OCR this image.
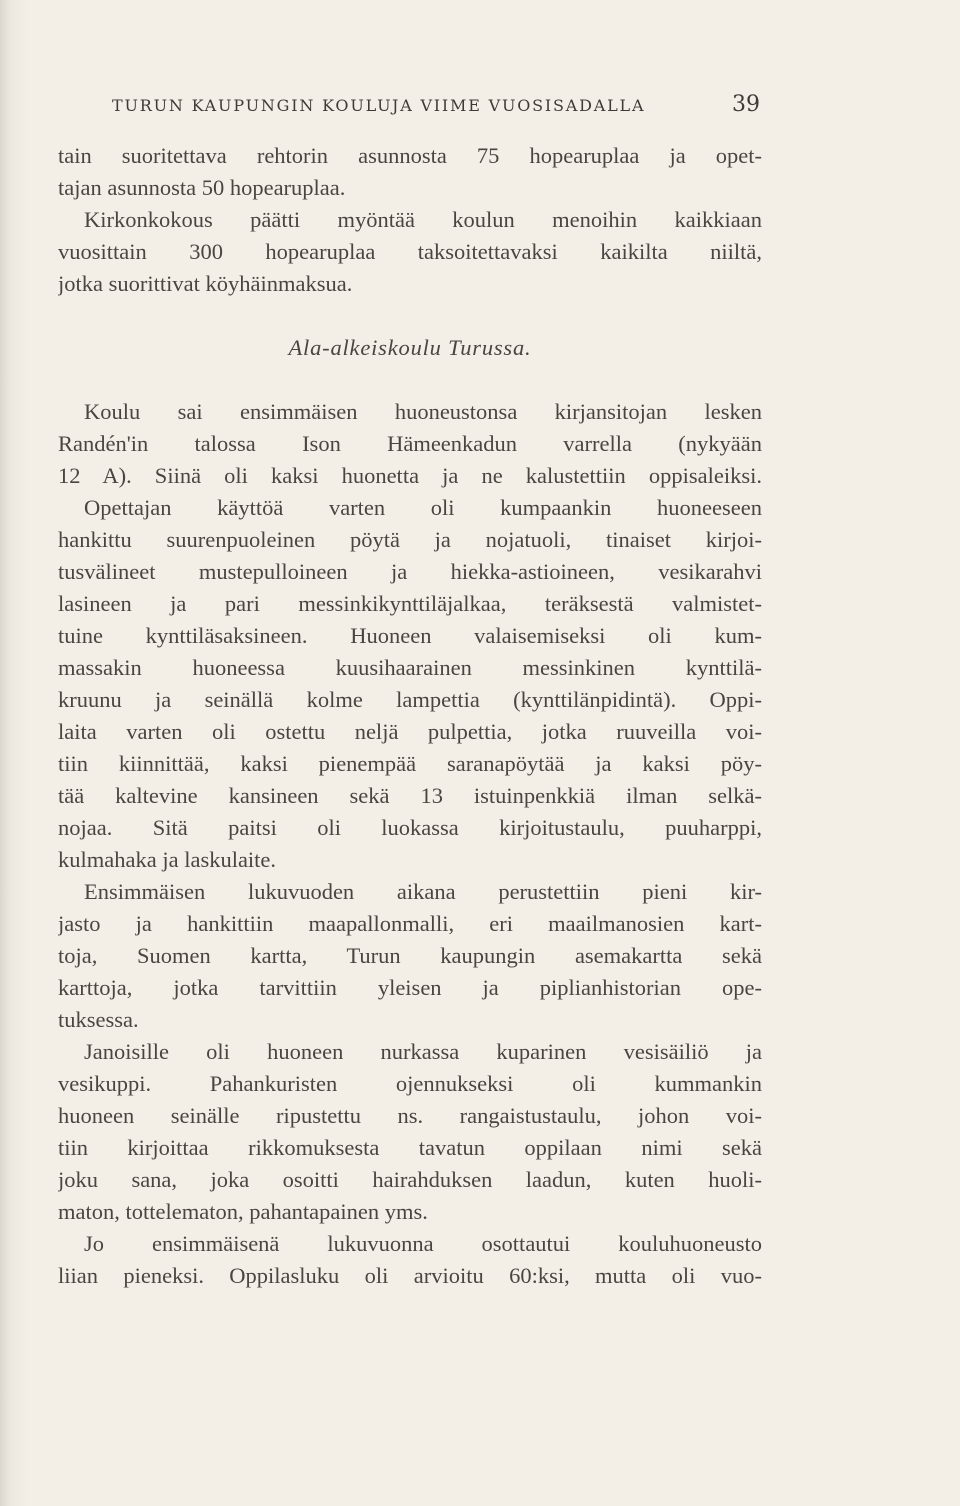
TURUN KAUPUNGIN KOULUJA VIIME VUOSISADALLA	39
tain suoritettava rehtorin asunnosta 75 hopearuplaa ja opet-
tajan asunnosta 50 hopearuplaa.
Kirkonkokous päätti myöntää koulun menoihin kaikkiaan
vuosittain 300 hopearuplaa taksoitettavaksi kaikilta niiltä,
jotka suorittivat köyhäinmaksua.
Ala-alkeiskoulu Turussa.
Koulu sai ensimmäisen huoneustonsa kirjansitojan lesken
Randén'in talossa Ison Hämeenkadun varrella (nykyään
12 A). Siinä oli kaksi huonetta ja ne kalustettiin oppisaleiksi.
Opettajan käyttöä varten oli kumpaankin huoneeseen
hankittu suurenpuoleinen pöytä ja nojatuoli, tinaiset kirjoi-
tusvälineet mustepulloineen ja hiekka-astioineen, vesikarahvi
lasineen ja pari messinkikynttiläjalkaa, teräksestä valmistet-
tuine kynttiläsaksineen. Huoneen valaisemiseksi oli kum-
massakin huoneessa kuusihaarainen messinkinen kynttilä-
kruunu ja seinällä kolme lampettia (kynttilänpidintä). Oppi-
laita varten oli ostettu neljä pulpettia, jotka ruuveilla voi-
tiin kiinnittää, kaksi pienempää saranapöytää ja kaksi pöy-
tää kaltevine kansineen sekä 13 istuinpenkkiä ilman selkä-
nojaa. Sitä paitsi oli luokassa kirjoitustaulu, puuharppi,
kulmahaka ja laskulaite.
Ensimmäisen lukuvuoden aikana perustettiin pieni kir-
jasto ja hankittiin maapallonmalli, eri maailmanosien kart-
toja, Suomen kartta, Turun kaupungin asemakartta sekä
karttoja, jotka tarvittiin yleisen ja piplianhistorian ope-
tuksessa.
Janoisille oli huoneen nurkassa kuparinen vesisäiliö ja
vesikuppi. Pahankuristen ojennukseksi oli kummankin
huoneen seinälle ripustettu ns. rangaistustaulu, johon voi-
tiin kirjoittaa rikkomuksesta tavatun oppilaan nimi sekä
joku sana, joka osoitti hairahduksen laadun, kuten huoli-
maton, tottelematon, pahantapainen yms.
Jo ensimmäisenä lukuvuonna osottautui kouluhuoneusto
liian pieneksi. Oppilasluku oli arvioitu 60:ksi, mutta oli vuo-
